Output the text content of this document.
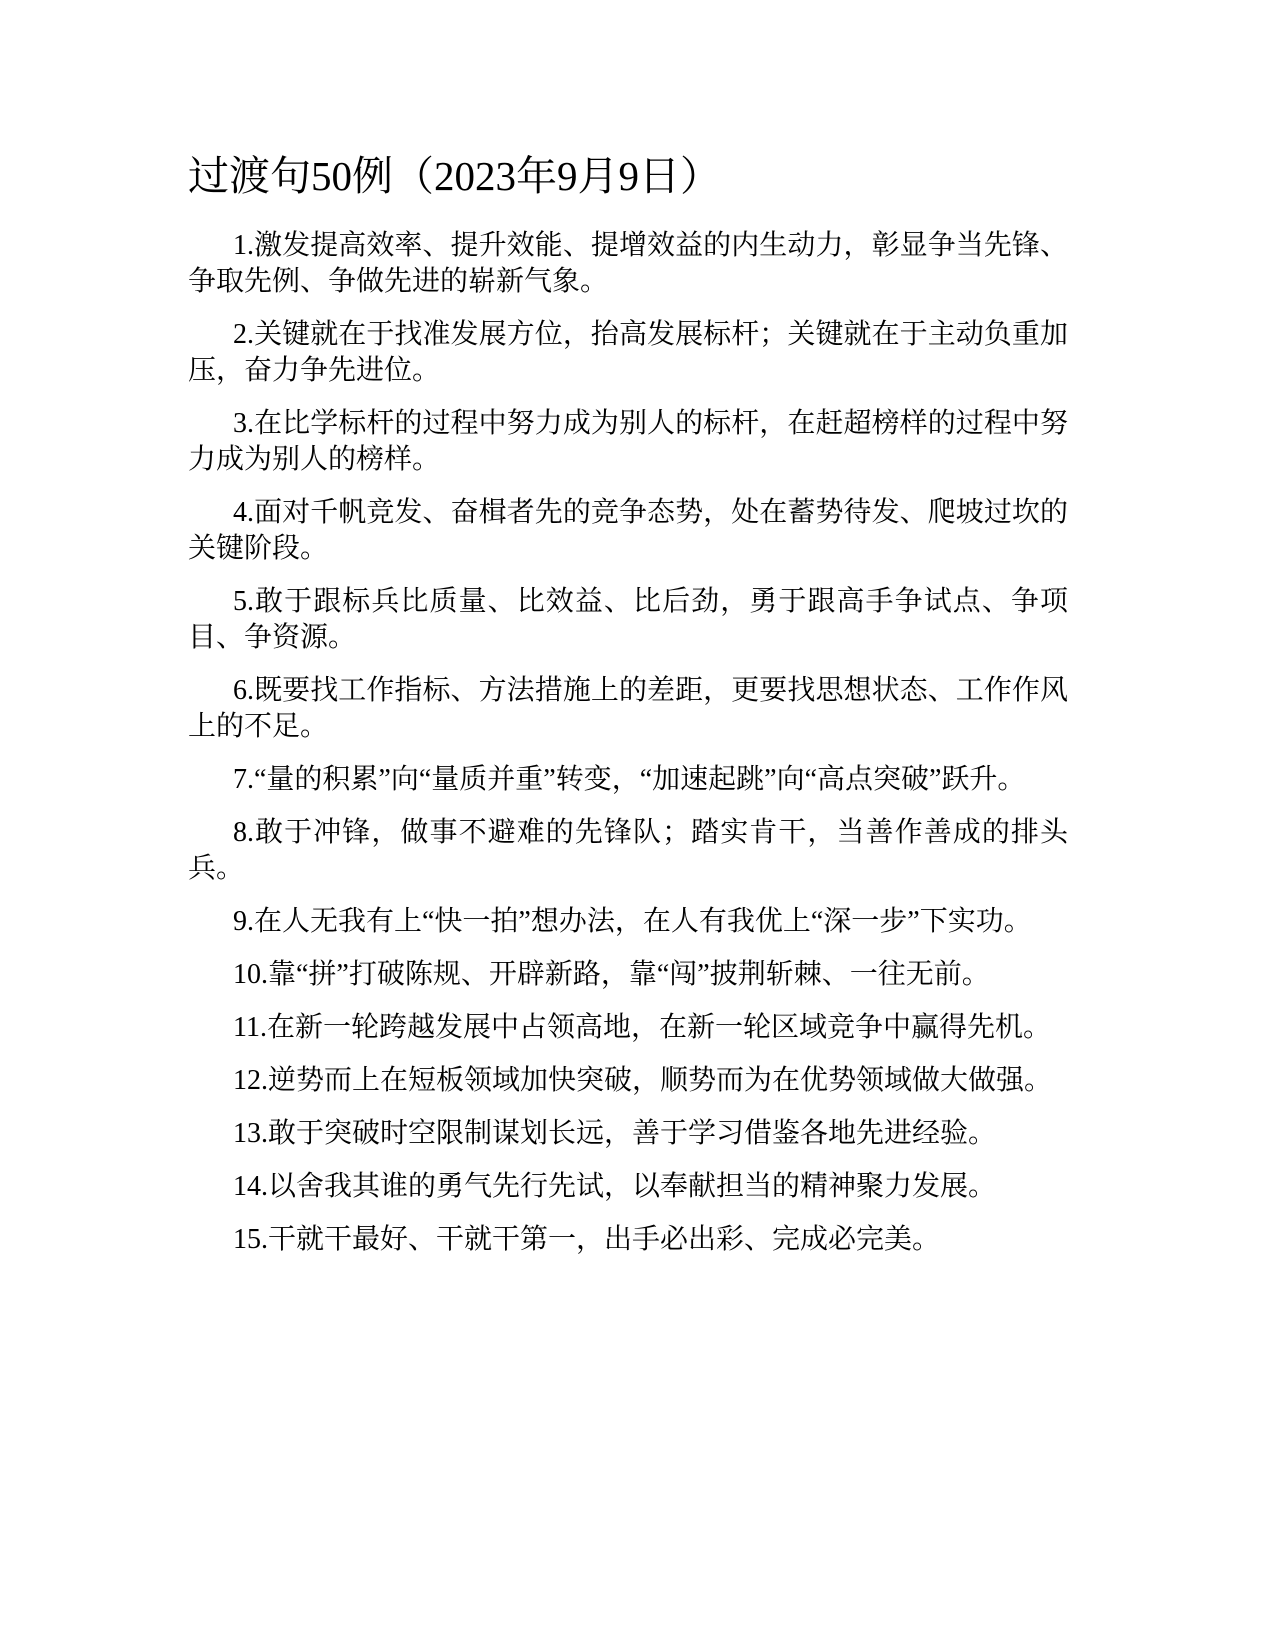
过渡句50例（2023年9月9日）

1.激发提高效率、提升效能、提增效益的内生动力，彰显争当先锋、争取先例、争做先进的崭新气象。

2.关键就在于找准发展方位，抬高发展标杆；关键就在于主动负重加压，奋力争先进位。

3.在比学标杆的过程中努力成为别人的标杆，在赶超榜样的过程中努力成为别人的榜样。

4.面对千帆竞发、奋楫者先的竞争态势，处在蓄势待发、爬坡过坎的关键阶段。

5.敢于跟标兵比质量、比效益、比后劲，勇于跟高手争试点、争项目、争资源。

6.既要找工作指标、方法措施上的差距，更要找思想状态、工作作风上的不足。

7.“量的积累”向“量质并重”转变，“加速起跳”向“高点突破”跃升。

8.敢于冲锋，做事不避难的先锋队；踏实肯干，当善作善成的排头兵。

9.在人无我有上“快一拍”想办法，在人有我优上“深一步”下实功。

10.靠“拼”打破陈规、开辟新路，靠“闯”披荆斩棘、一往无前。

11.在新一轮跨越发展中占领高地，在新一轮区域竞争中赢得先机。

12.逆势而上在短板领域加快突破，顺势而为在优势领域做大做强。

13.敢于突破时空限制谋划长远，善于学习借鉴各地先进经验。

14.以舍我其谁的勇气先行先试，以奉献担当的精神聚力发展。

15.干就干最好、干就干第一，出手必出彩、完成必完美。
